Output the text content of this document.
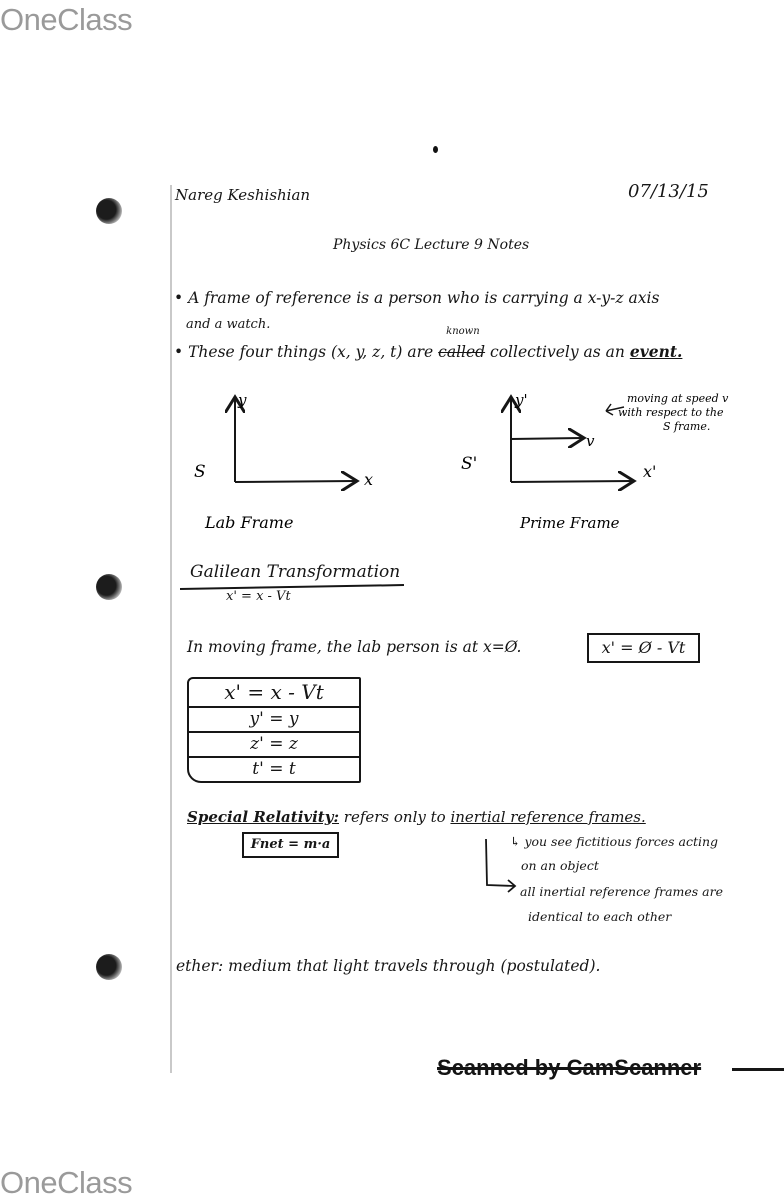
OneClass
OneClass
Nareg Keshishian	07/13/15
Physics 6C Lecture 9 Notes
• A frame of reference is a person who is carrying a x-y-z axis
and a watch.
• These four things (x, y, z, t) are called
known
collectively as an event.
y
x
S
Lab Frame
y'
x'
S'
v
Prime Frame
moving at speed v
with respect to the
S frame.
Galilean Transformation
x' = x - Vt
In moving frame, the lab person is at x=Ø.	x' = Ø - Vt
x' = x - Vt
y' = y
z' = z
t' = t
Special Relativity: refers only to inertial reference frames.
Fnet = m·a	↳ you see fictitious forces acting
on an object
all inertial reference frames are
identical to each other
ether: medium that light travels through (postulated).
Scanned by CamScanner
